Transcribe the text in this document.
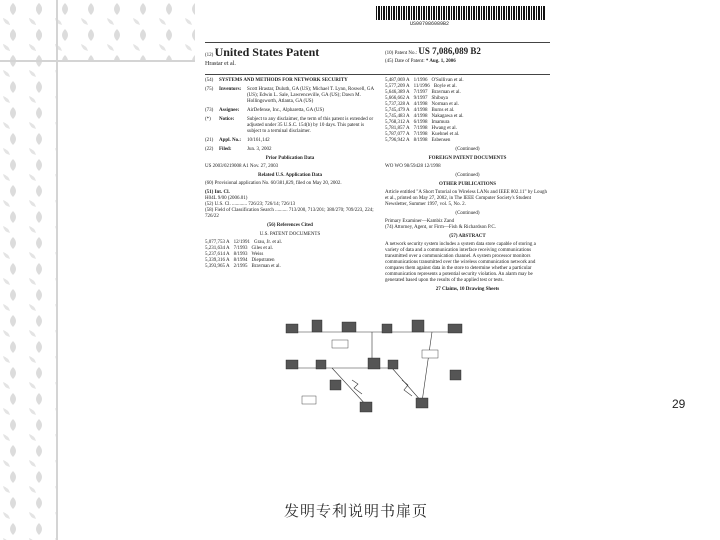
US007086089B2
(12) United States Patent
Hrastar et al.
(10) Patent No.: US 7,086,089 B2
(45) Date of Patent: * Aug. 1, 2006
(54)	SYSTEMS AND METHODS FOR NETWORK SECURITY
(75)	Inventors:	Scott Hrastar, Duluth, GA (US); Michael T. Lynn, Roswell, GA (US); Edwin L. Sale, Lawrenceville, GA (US); Dawn M. Hollingsworth, Atlanta, GA (US)
(73)	Assignee:	AirDefense, Inc., Alpharetta, GA (US)
(*)	Notice:	Subject to any disclaimer, the term of this patent is extended or adjusted under 35 U.S.C. 154(b) by 10 days. This patent is subject to a terminal disclaimer.
(21)	Appl. No.:	10/161,142
(22)	Filed:	Jun. 3, 2002
Prior Publication Data
US 2003/0219008 A1 Nov. 27, 2003
Related U.S. Application Data
(60) Provisional application No. 60/381,829, filed on May 20, 2002.
(51) Int. Cl.
H04L 9/00 (2006.01)
(52) U.S. Cl. ............ 726/23; 726/14; 726/13
(58) Field of Classification Search .......... 713/200, 713/201; 380/270; 709/223, 224; 726/22
(56) References Cited
U.S. PATENT DOCUMENTS
5,077,753 A 12/1991 Grau, Jr. et al.
5,231,634 A 7/1993 Giles et al.
5,237,614 A 8/1993 Weiss
5,339,316 A 8/1994 Diepstraten
5,393,965 A 2/1995 Bravman et al.
5,487,069 A 1/1996 O'Sullivan et al.
5,577,209 A 11/1996 Boyle et al.
5,646,389 A 7/1997 Bravman et al.
5,666,662 A 9/1997 Shibuya
5,737,328 A 4/1998 Norman et al.
5,745,479 A 4/1998 Burns et al.
5,745,483 A 4/1998 Nakagawa et al.
5,768,312 A 6/1998 Imamura
5,781,857 A 7/1998 Hwang et al.
5,787,077 A 7/1998 Kuehnel et al.
5,796,942 A 8/1998 Esbensen
(Continued)
FOREIGN PATENT DOCUMENTS
WO WO 98/59428 12/1998
(Continued)
OTHER PUBLICATIONS
Article entitled "A Short Tutorial on Wireless LANs and IEEE 802.11" by Lough et al., printed on May 27, 2002, in The IEEE Computer Society's Student Newsletter, Summer 1997, vol. 5, No. 2.
(Continued)
Primary Examiner—Kambiz Zand
(74) Attorney, Agent, or Firm—Fish & Richardson P.C.
(57) ABSTRACT
A network security system includes a system data store capable of storing a variety of data and a communication interface receiving communications transmitted over a communication channel. A system processor monitors communications transmitted over the wireless communication network and compares them against data in the store to determine whether a particular communication represents a potential security violation. An alarm may be generated based upon the results of the applied test or tests.
27 Claims, 10 Drawing Sheets
29
发明专利说明书扉页
